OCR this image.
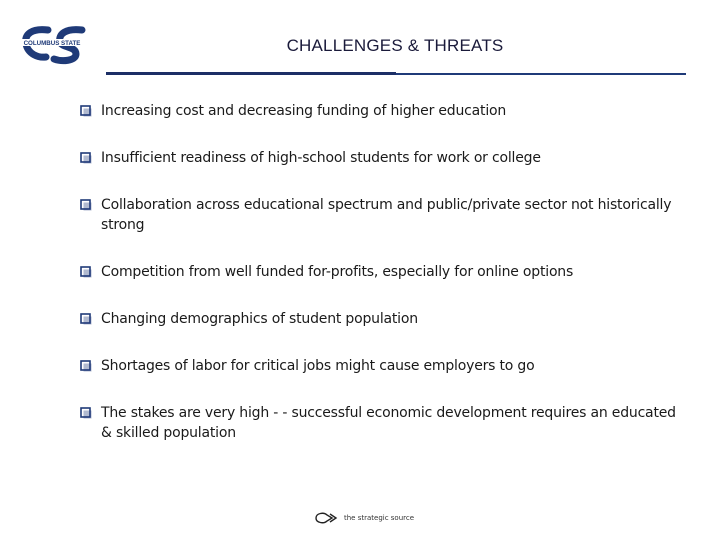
COLUMBUS STATE	CHALLENGES & THREATS
Increasing cost and decreasing funding of higher education
Insufficient readiness of high-school students for work or college
Collaboration across educational spectrum and public/private sector not historically strong
Competition from well funded for-profits, especially for online options
Changing demographics of student population
Shortages of labor for critical jobs might cause employers to go
The stakes are very high - - successful economic development requires an educated & skilled population
the strategic source
